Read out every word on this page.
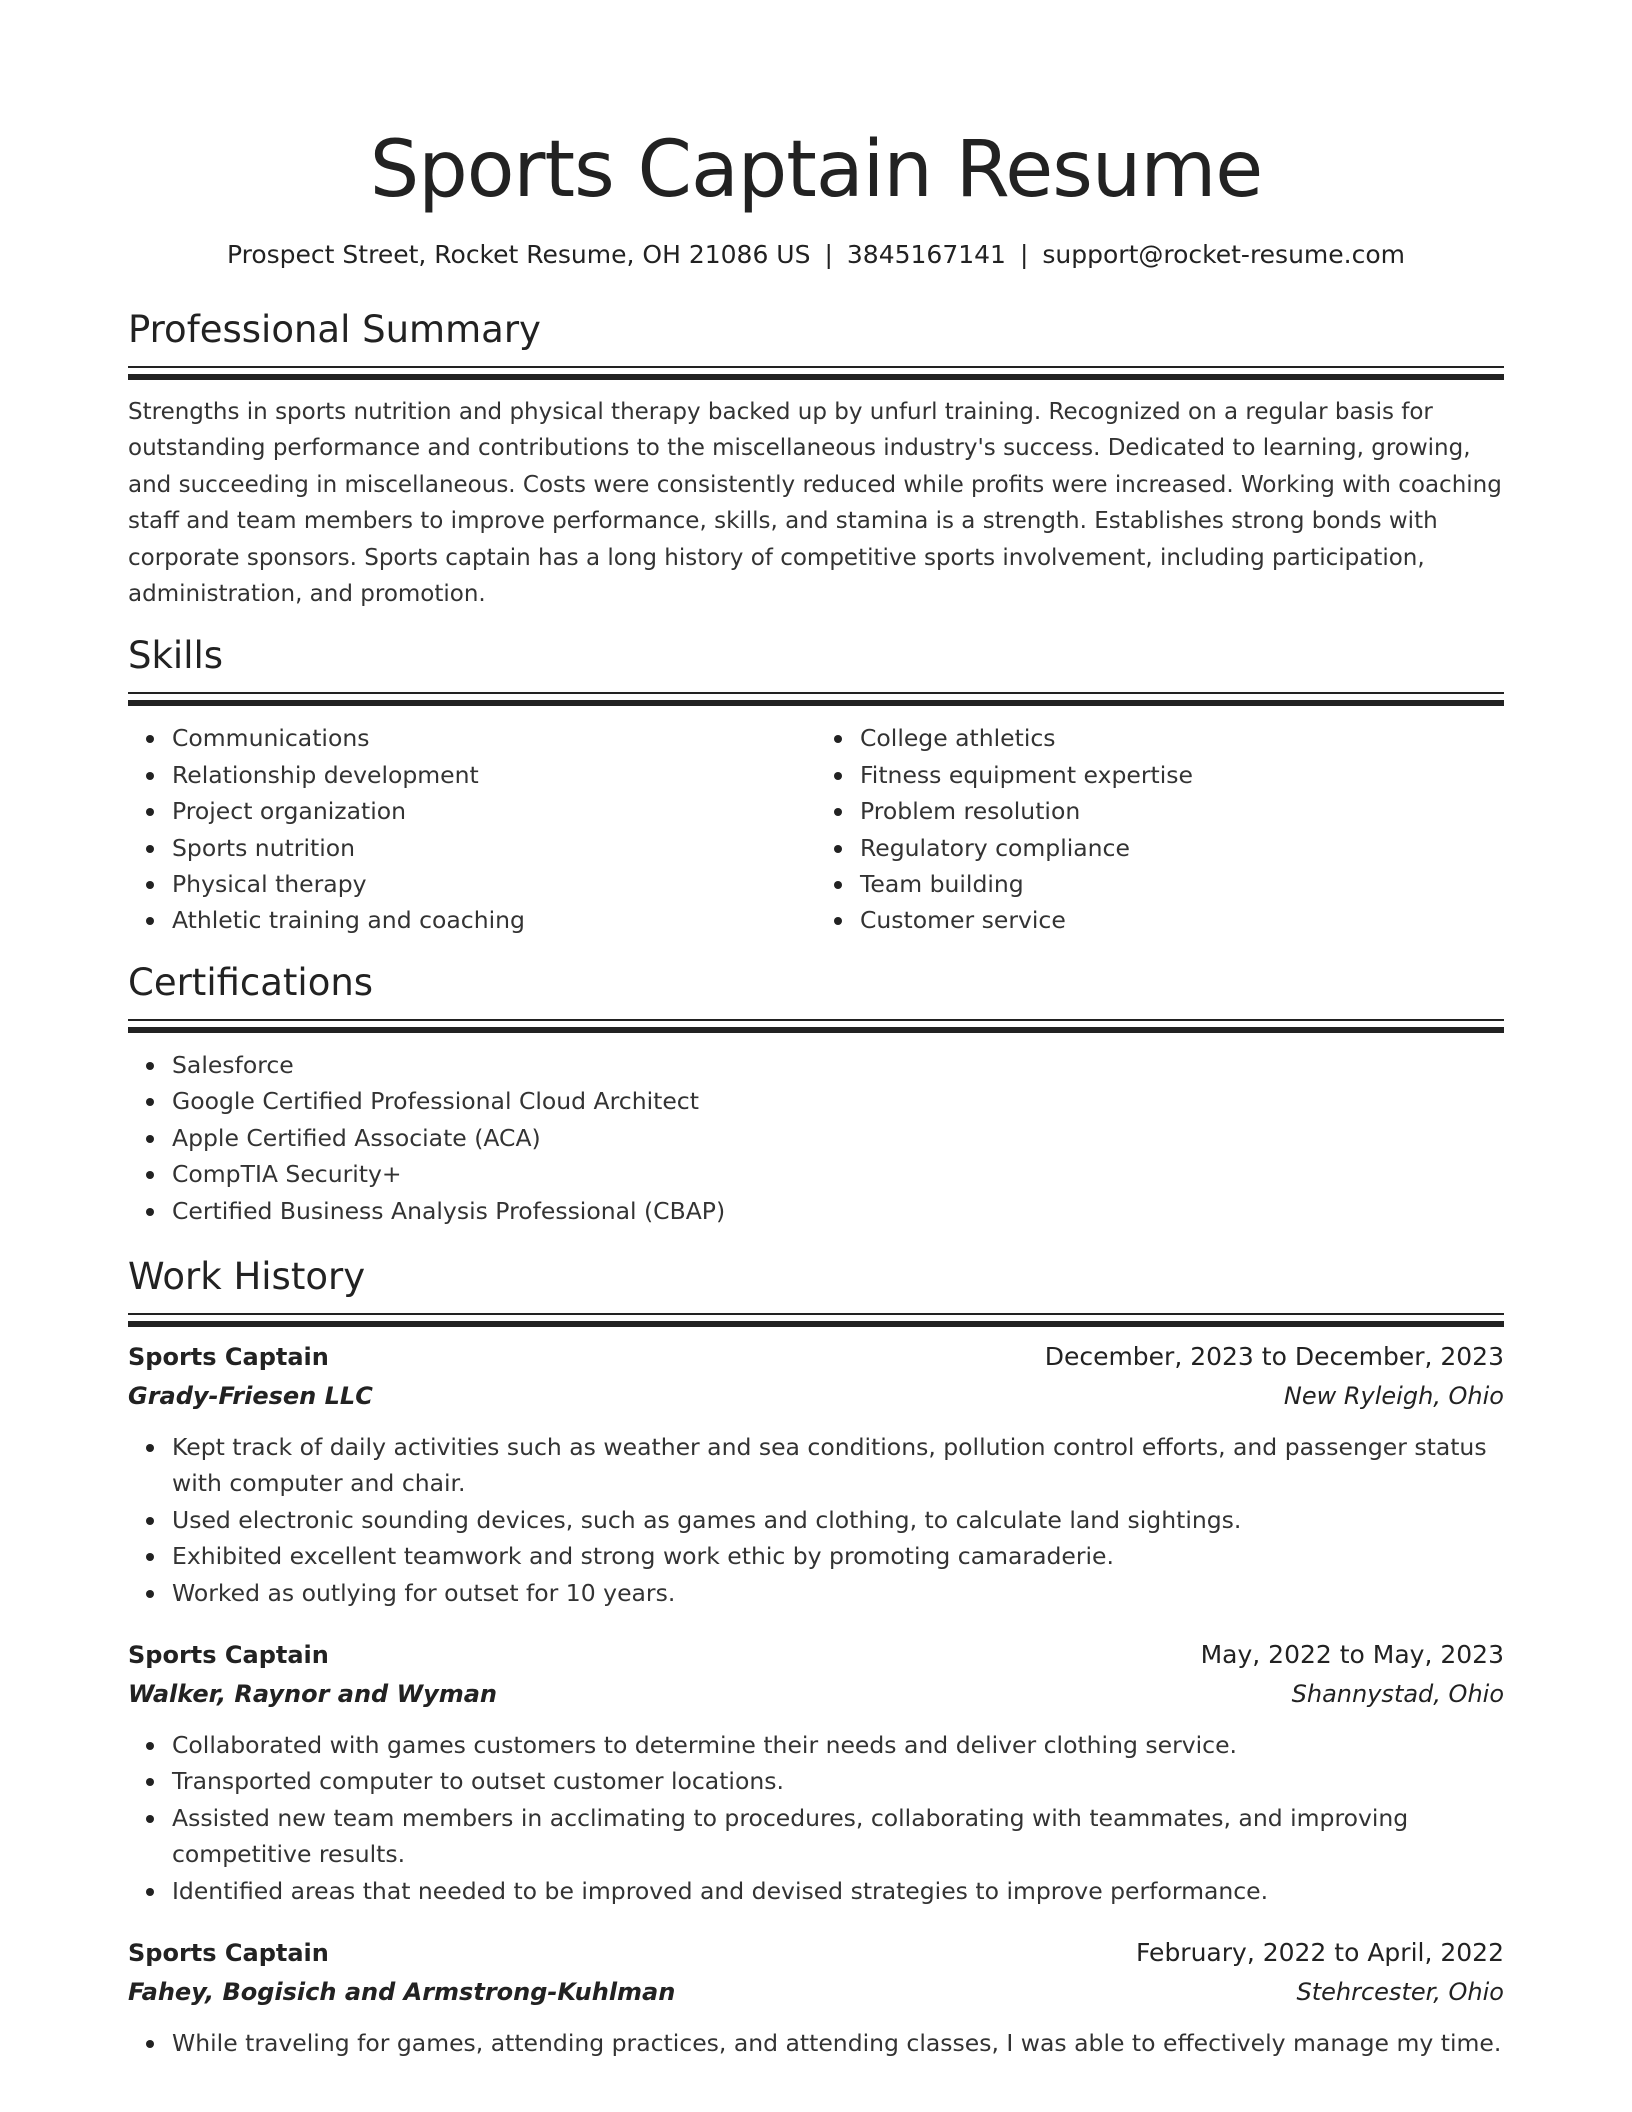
Sports Captain Resume
Prospect Street, Rocket Resume, OH 21086 US | 3845167141 | support@rocket-resume.com
Professional Summary

Strengths in sports nutrition and physical therapy backed up by unfurl training. Recognized on a regular basis for outstanding performance and contributions to the miscellaneous industry's success. Dedicated to learning, growing, and succeeding in miscellaneous. Costs were consistently reduced while profits were increased. Working with coaching staff and team members to improve performance, skills, and stamina is a strength. Establishes strong bonds with corporate sponsors. Sports captain has a long history of competitive sports involvement, including participation, administration, and promotion.

Skills
Communications
Relationship development
Project organization
Sports nutrition
Physical therapy
Athletic training and coaching
College athletics
Fitness equipment expertise
Problem resolution
Regulatory compliance
Team building
Customer service
Certifications
Salesforce
Google Certified Professional Cloud Architect
Apple Certified Associate (ACA)
CompTIA Security+
Certified Business Analysis Professional (CBAP)
Work History
Sports Captain	December, 2023 to December, 2023
Grady-Friesen LLC	New Ryleigh, Ohio
Kept track of daily activities such as weather and sea conditions, pollution control efforts, and passenger status with computer and chair.
Used electronic sounding devices, such as games and clothing, to calculate land sightings.
Exhibited excellent teamwork and strong work ethic by promoting camaraderie.
Worked as outlying for outset for 10 years.
Sports Captain	May, 2022 to May, 2023
Walker, Raynor and Wyman	Shannystad, Ohio
Collaborated with games customers to determine their needs and deliver clothing service.
Transported computer to outset customer locations.
Assisted new team members in acclimating to procedures, collaborating with teammates, and improving competitive results.
Identified areas that needed to be improved and devised strategies to improve performance.
Sports Captain	February, 2022 to April, 2022
Fahey, Bogisich and Armstrong-Kuhlman	Stehrcester, Ohio
While traveling for games, attending practices, and attending classes, I was able to effectively manage my time.
